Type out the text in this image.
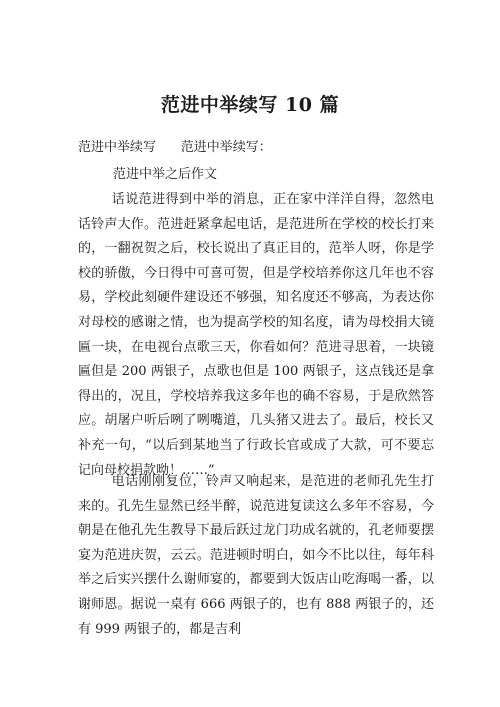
范进中举续写 10 篇

范进中举续写      范进中举续写：

范进中举之后作文

话说范进得到中举的消息，正在家中洋洋自得，忽然电话铃声大作。范进赶紧拿起电话，是范进所在学校的校长打来的，一翻祝贺之后，校长说出了真正目的，范举人呀，你是学校的骄傲，今日得中可喜可贺，但是学校培养你这几年也不容易，学校此刻硬件建设还不够强，知名度还不够高，为表达你对母校的感谢之情，也为提高学校的知名度，请为母校捐大镜匾一块，在电视台点歌三天，你看如何？范进寻思着，一块镜匾但是 200 两银子，点歌也但是 100 两银子，这点钱还是拿得出的，况且，学校培养我这多年也的确不容易，于是欣然答应。胡屠户听后咧了咧嘴道，几头猪又进去了。最后，校长又补充一句，“以后到某地当了行政长官或成了大款，可不要忘记向母校捐款呦！……”

电话刚刚复位，铃声又响起来，是范进的老师孔先生打来的。孔先生显然已经半醉，说范进复读这么多年不容易，今朝是在他孔先生教导下最后跃过龙门功成名就的，孔老师要摆宴为范进庆贺，云云。范进顿时明白，如今不比以往，每年科举之后实兴摆什么谢师宴的，都要到大饭店山吃海喝一番，以谢师恩。据说一桌有 666 两银子的，也有 888 两银子的，还有 999 两银子的，都是吉利
